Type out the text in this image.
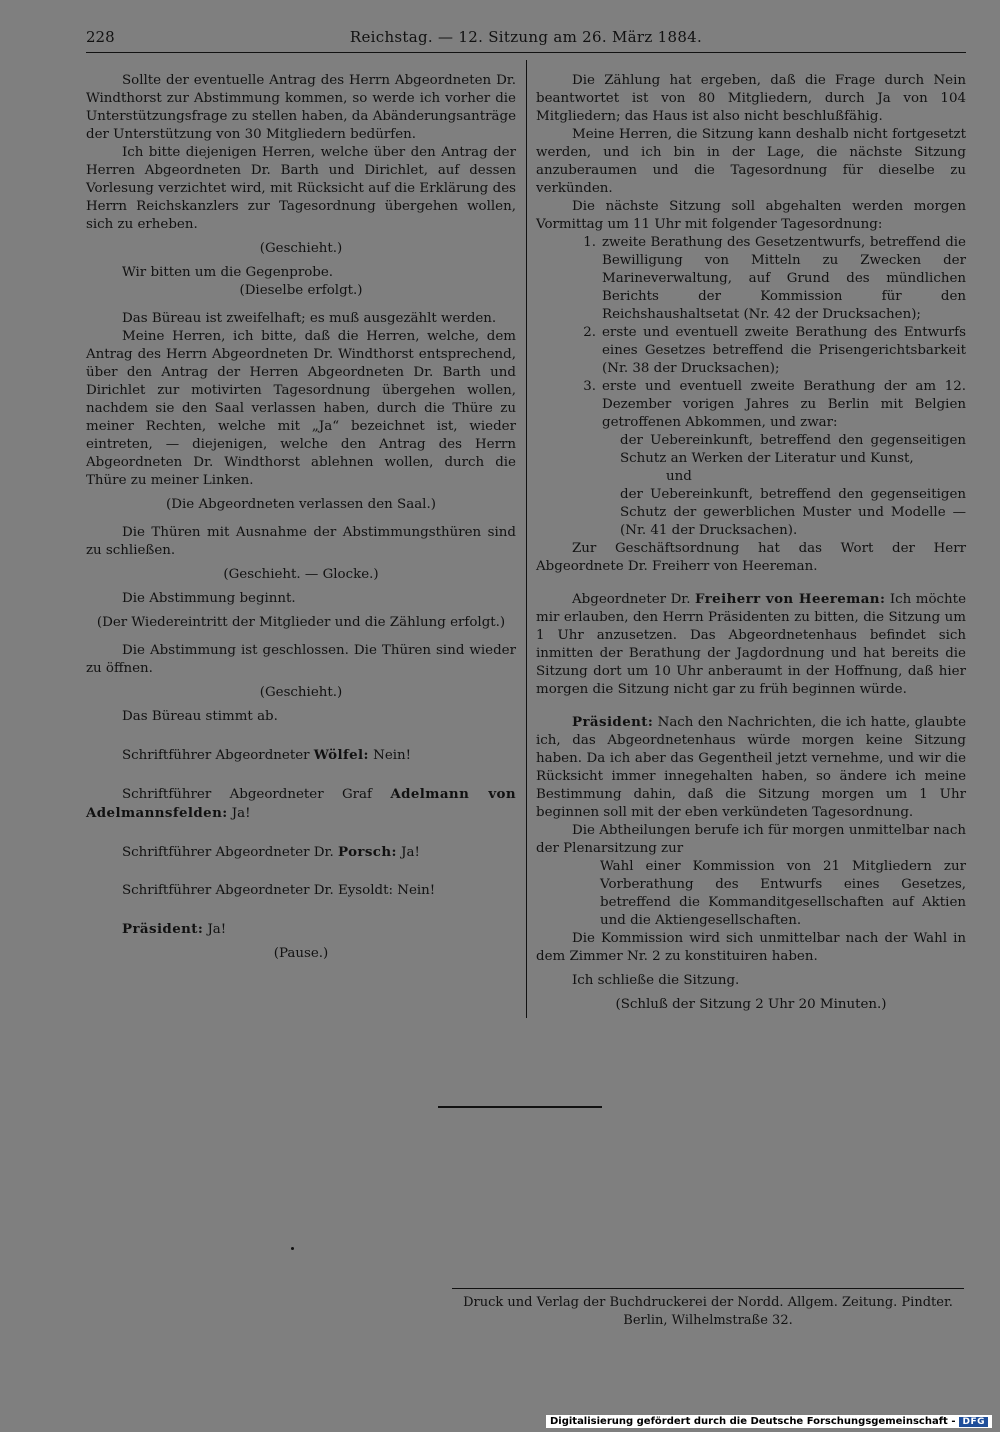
228	Reichstag. — 12. Sitzung am 26. März 1884.

Sollte der eventuelle Antrag des Herrn Abgeordneten Dr. Windthorst zur Abstimmung kommen, so werde ich vorher die Unterstützungsfrage zu stellen haben, da Abänderungsanträge der Unterstützung von 30 Mitgliedern bedürfen.

Ich bitte diejenigen Herren, welche über den Antrag der Herren Abgeordneten Dr. Barth und Dirichlet, auf dessen Vorlesung verzichtet wird, mit Rücksicht auf die Erklärung des Herrn Reichskanzlers zur Tagesordnung übergehen wollen, sich zu erheben.

(Geschieht.)

Wir bitten um die Gegenprobe.

(Dieselbe erfolgt.)

Das Büreau ist zweifelhaft; es muß ausgezählt werden.

Meine Herren, ich bitte, daß die Herren, welche, dem Antrag des Herrn Abgeordneten Dr. Windthorst entsprechend, über den Antrag der Herren Abgeordneten Dr. Barth und Dirichlet zur motivirten Tagesordnung übergehen wollen, nachdem sie den Saal verlassen haben, durch die Thüre zu meiner Rechten, welche mit „Ja“ bezeichnet ist, wieder eintreten, — diejenigen, welche den Antrag des Herrn Abgeordneten Dr. Windthorst ablehnen wollen, durch die Thüre zu meiner Linken.

(Die Abgeordneten verlassen den Saal.)

Die Thüren mit Ausnahme der Abstimmungsthüren sind zu schließen.

(Geschieht. — Glocke.)

Die Abstimmung beginnt.

(Der Wiedereintritt der Mitglieder und die Zählung erfolgt.)

Die Abstimmung ist geschlossen. Die Thüren sind wieder zu öffnen.

(Geschieht.)

Das Büreau stimmt ab.

Schriftführer Abgeordneter Wölfel: Nein!

Schriftführer Abgeordneter Graf Adelmann von Adelmannsfelden: Ja!

Schriftführer Abgeordneter Dr. Porsch: Ja!

Schriftführer Abgeordneter Dr. Eysoldt: Nein!

Präsident: Ja!

(Pause.)

Die Zählung hat ergeben, daß die Frage durch Nein beantwortet ist von 80 Mitgliedern, durch Ja von 104 Mitgliedern; das Haus ist also nicht beschlußfähig.

Meine Herren, die Sitzung kann deshalb nicht fortgesetzt werden, und ich bin in der Lage, die nächste Sitzung anzuberaumen und die Tagesordnung für dieselbe zu verkünden.

Die nächste Sitzung soll abgehalten werden morgen Vormittag um 11 Uhr mit folgender Tagesordnung:

1. zweite Berathung des Gesetzentwurfs, betreffend die Bewilligung von Mitteln zu Zwecken der Marineverwaltung, auf Grund des mündlichen Berichts der Kommission für den Reichshaushaltsetat (Nr. 42 der Drucksachen);
2. erste und eventuell zweite Berathung des Entwurfs eines Gesetzes betreffend die Prisengerichtsbarkeit (Nr. 38 der Drucksachen);
3. erste und eventuell zweite Berathung der am 12. Dezember vorigen Jahres zu Berlin mit Belgien getroffenen Abkommen, und zwar:

der Uebereinkunft, betreffend den gegenseitigen Schutz an Werken der Literatur und Kunst,

und

der Uebereinkunft, betreffend den gegenseitigen Schutz der gewerblichen Muster und Modelle — (Nr. 41 der Drucksachen).

Zur Geschäftsordnung hat das Wort der Herr Abgeordnete Dr. Freiherr von Heereman.

Abgeordneter Dr. Freiherr von Heereman: Ich möchte mir erlauben, den Herrn Präsidenten zu bitten, die Sitzung um 1 Uhr anzusetzen. Das Abgeordnetenhaus befindet sich inmitten der Berathung der Jagdordnung und hat bereits die Sitzung dort um 10 Uhr anberaumt in der Hoffnung, daß hier morgen die Sitzung nicht gar zu früh beginnen würde.

Präsident: Nach den Nachrichten, die ich hatte, glaubte ich, das Abgeordnetenhaus würde morgen keine Sitzung haben. Da ich aber das Gegentheil jetzt vernehme, und wir die Rücksicht immer innegehalten haben, so ändere ich meine Bestimmung dahin, daß die Sitzung morgen um 1 Uhr beginnen soll mit der eben verkündeten Tagesordnung.

Die Abtheilungen berufe ich für morgen unmittelbar nach der Plenarsitzung zur

Wahl einer Kommission von 21 Mitgliedern zur Vorberathung des Entwurfs eines Gesetzes, betreffend die Kommanditgesellschaften auf Aktien und die Aktiengesellschaften.

Die Kommission wird sich unmittelbar nach der Wahl in dem Zimmer Nr. 2 zu konstituiren haben.

Ich schließe die Sitzung.

(Schluß der Sitzung 2 Uhr 20 Minuten.)

Druck und Verlag der Buchdruckerei der Nordd. Allgem. Zeitung. Pindter.
Berlin, Wilhelmstraße 32.
Digitalisierung gefördert durch die Deutsche Forschungsgemeinschaft - DFG
